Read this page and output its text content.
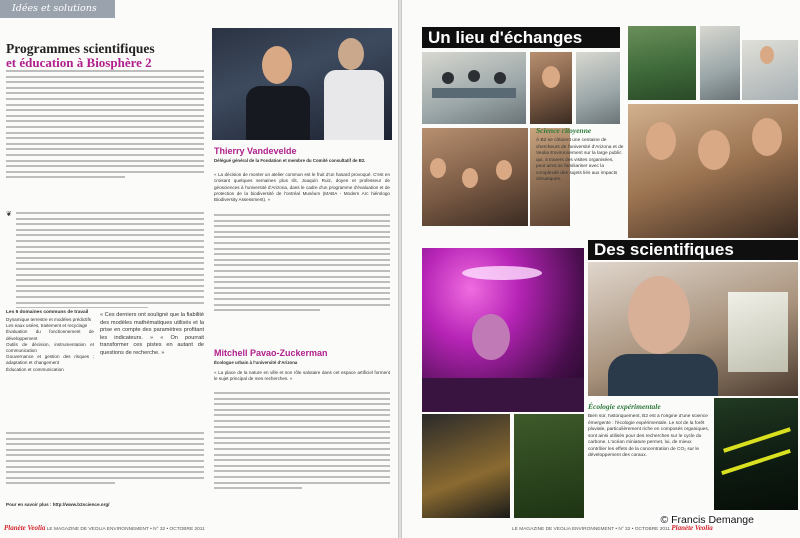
Idées et solutions
Programmes scientifiques
et éducation à Biosphère 2
❦
Les 6 domaines communs de travail
Dynamique terrestre et modèles prédictifs
Les eaux usées, traitement et recyclage
Évaluation du fonctionnement de développement
Outils de décision, instrumentation et communication
Gouvernance et gestion des risques ; adaptation et changement
Éducation et communication
« Ces derniers ont souligné que la fiabilité des modèles mathématiques utilisés et la prise en compte des paramètres profitant les indicateurs. » « On pourrait transformer ces pistes en autant de questions de recherche. »
Pour en savoir plus : http://www.b2science.org/
Thierry Vandevelde
Délégué général de la Fondation et membre du Comité consultatif de B2.
« La décision de monter un atelier commun est le fruit d'un hasard provoqué. C'est en croisant quelques semaines plus tôt, Joaquín Ruiz, doyen et professeur de géosciences à l'université d'Arizona, dans le cadre d'un programme d'évaluation et de protection de la biodiversité de l'ontréal Muséum (MABA - Modern Arc hiérologo Biodiversity Assessment). »
Mitchell Pavao-Zuckerman
Écologue urbain à l'université d'Arizona
« La place de la nature en ville et son rôle salutaire dans cet espace artificiel forment le sujet principal de mes recherches. »
Planète Veolia LE MAGAZINE DE VEOLIA ENVIRONNEMENT • N° 32 • OCTOBRE 2011
Un lieu d'échanges
Science citoyenne
À B2 se côtoient une centaine de chercheurs de l'université d'Arizona et de Veolia Environnement sur la large public qui, à travers des visites organisées, peut ainsi se familiariser avec la complexité des sujets liés aux impacts climatiques.
Des scientifiques
Écologie expérimentale
Bien sûr, historiquement, B2 est à l'origine d'une science émergente : l'écologie expérimentale. Le sol de la forêt pluviale, particulièrement riche en composés organiques, sont ainsi utilisés pour des recherches sur le cycle du carbone. L'océan miniature permet, lui, de mieux contrôler les effets de la concentration de CO₂ sur le développement des coraux.
© Francis Demange
LE MAGAZINE DE VEOLIA ENVIRONNEMENT • N° 32 • OCTOBRE 2011 Planète Veolia
